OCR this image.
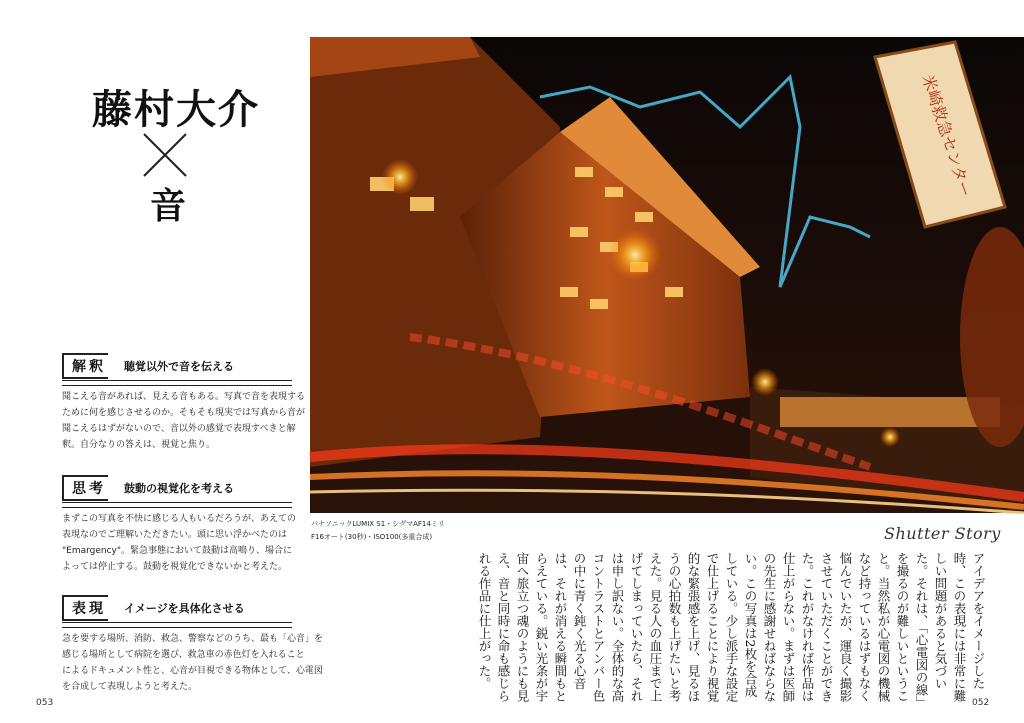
藤村大介
音
解釈 聴覚以外で音を伝える
聞こえる音があれば、見える音もある。写真で音を表現する
ために何を感じさせるのか。そもそも現実では写真から音が
聞こえるはずがないので、音以外の感覚で表現すべきと解
釈。自分なりの答えは、視覚と焦り。
思考 鼓動の視覚化を考える
まずこの写真を不快に感じる人もいるだろうが、あえての
表現なのでご理解いただきたい。頭に思い浮かべたのは
"Emargency"。緊急事態において鼓動は高鳴り、場合に
よっては停止する。鼓動を視覚化できないかと考えた。
表現 イメージを具体化させる
急を要する場所、消防、救急、警察などのうち、最も「心音」を
感じる場所として病院を選び、救急車の赤色灯を入れること
によるドキュメント性と、心音が目視できる物体として、心電図
を合成して表現しようと考えた。
053
米崎救急センター
パナソニックLUMIX S1・シグマAF14ミリ
F16オート(30秒)・ISO100(多重合成)	Shutter Story
アイデアをイメージした時、この表現には非常に難しい問題があると気づいた。それは、「心電図の線」を撮るのが難しいということ。当然私が心電図の機械など持っているはずもなく悩んでいたが、運良く撮影させていただくことができた。これがなければ作品は仕上がらない。まずは医師の先生に感謝せねばならない。この写真は2枚を合成している。少し派手な設定で仕上げることにより視覚的な緊張感を上げ、見るほうの心拍数も上げたいと考えた。見る人の血圧まで上げてしまっていたら、それは申し訳ない。全体的な高コントラストとアンバー色の中に青く鈍く光る心音は、それが消える瞬間もとらえている。鋭い光条が宇宙へ旅立つ魂のようにも見え、音と同時に命も感じられる作品に仕上がった。
052
